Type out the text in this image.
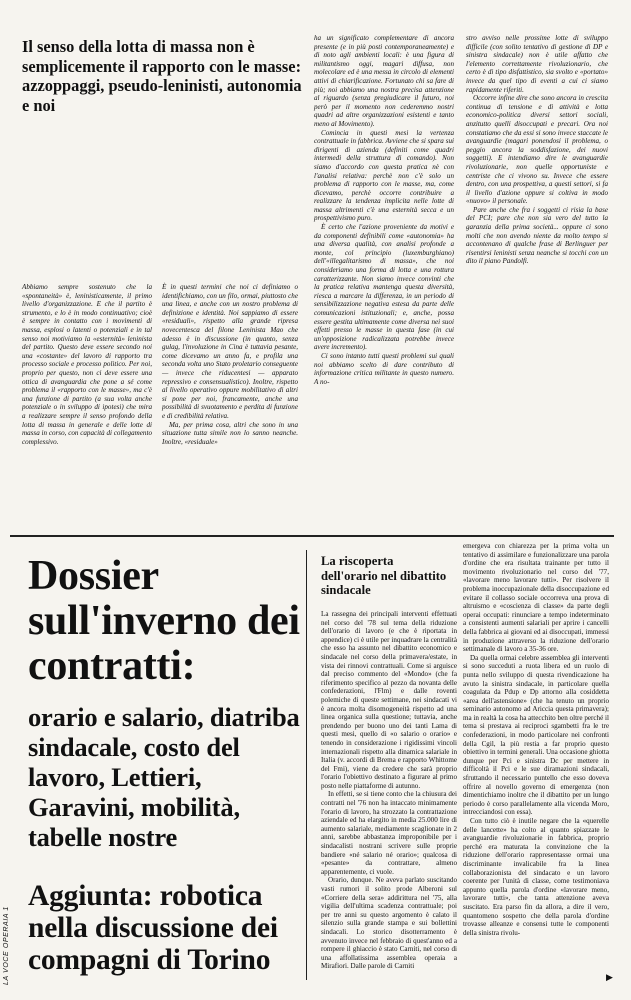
Il senso della lotta di massa non è semplicemente il rapporto con le masse: azzoppaggi, pseudo-leninisti, autonomia e noi
Abbiamo sempre sostenuto che la «spontaneità» è, leninisticamente, il primo livello d'organizzazione. E che il partito è strumento, e lo è in modo continuativo; cioè è sempre in contatto con i movimenti di massa, esplosi o latenti o potenziali e in tal senso noi motiviamo la «esternità» leninista del partito. Questo deve essere secondo noi una «costante» del lavoro di rapporto tra processo sociale e processo politico. Per noi, proprio per questo, non ci deve essere una ottica di avanguardia che pone a sé come problema il «rapporto con le masse», ma c'è una funzione di partito (a sua volta anche potenziale o in sviluppo di ipotesi) che mira a realizzare sempre il senso profondo della lotta di massa in generale e delle lotte di massa in corso, con capacità di collegamento complessivo.

È in questi termini che noi ci definiamo o identifichiamo, con un filo, ormai, piuttosto che una linea, e anche con un nostro problema di definizione e identità. Noi sappiamo di essere «residuali», rispetto alla grande ripresa novecentesca del filone Leninista Mao che adesso è in discussione (in quanto, senza gulag, l'involuzione in Cina è tuttavia pesante, come dicevamo un anno fa, e profila una seconda volta uno Stato proletario conseguente — invece che riducentesi — apparato repressivo e consensualistico). Inoltre, rispetto al livello operativo oppure mobilitativo di altri si pone per noi, francamente, anche una possibilità di svuotamento e perdita di funzione e di credibilità relativa.

Ma, per prima cosa, altri che sono in una situazione tutta simile non lo sanno neanche. Inoltre, «residuale»

ha un significato complementare di ancora presente (e in più posti contemporaneamente) e di noto agli ambienti locali: è una figura di militantismo oggi, magari diffusa, non molecolare ed è una messa in circolo di elementi attivi di chiarificazione. Fortunato chi sa fare di più; noi abbiamo una nostra precisa attenzione al riguardo (senza pregiudicare il futuro, noi però per il momento non cederemmo nostri quadri ad altre organizzazioni esistenti e tanto meno al Movimento).

Comincia in questi mesi la vertenza contrattuale in fabbrica. Avviene che si spara sui dirigenti di azienda (definiti come quadri intermedi della struttura di comando). Non siamo d'accordo con questa pratica nè con l'analisi relativa: perchè non c'è solo un problema di rapporto con le masse, ma, come dicevamo, perchè occorre contribuire a realizzare la tendenza implicita nelle lotte di massa altrimenti c'è una esternità secca e un prospettivismo puro.

È certo che l'azione proveniente da motivi e da componenti definibili come «autonomia» ha una diversa qualità, con analisi profonde a monte, col principio (luxemburghiano) dell'«illegalitarismo di massa», che noi consideriamo una forma di lotta e una rottura caratterizzante. Non siamo invece convinti che la pratica relativa mantenga questa diversità, riesca a marcare la differenza, in un periodo di sensibilizzazione negativa estesa da parte delle comunicazioni istituzionali; e, anche, possa essere gestita ultimamente come diversa nei suoi effetti presso le masse in questa fase (in cui un'opposizione radicalizzata potrebbe invece avere incremento).

Ci sono intanto tutti questi problemi sui quali noi abbiamo scelto di dare contributo di informazione critica militante in questo numero. A no-

stro avviso nelle prossime lotte di sviluppo difficile (con solito tentativo di gestione di DP e sinistra sindacale) non è utile affatto che l'elemento correttamente rivoluzionario, che certo è di tipo disfattistico, sia svolto e «portato» invece da quel tipo di eventi a cui ci siamo rapidamente riferiti.

Occorre infine dire che sono ancora in crescita continua di tensione e di attività e lotta economico-politica diversi settori sociali, anzitutto quelli disoccupati e precari. Ora noi constatiamo che da essi si sono invece staccate le avanguardie (magari ponendosi il problema, o peggio ancora la soddisfazione, dei nuovi soggetti). E intendiamo dire le avanguardie rivoluzionarie, non quelle opportuniste e centriste che ci vivono su. Invece che essere dentro, con una prospettiva, a questi settori, si fa il livello d'azione oppure si coltiva in modo «nuovo» il personale.

Pare anche che fra i soggetti ci risia la base del PCI; pare che non sia vero del tutto la garanzia della prima società... oppure ci sono molti che non avendo niente da molto tempo si accontenano di qualche frase di Berlinguer per risentirsi leninisti senza neanche si tocchi con un dito il piano Pandolfi.

Dossier sull'inverno dei contratti:
orario e salario, diatriba sindacale, costo del lavoro, Lettieri, Garavini, mobilità, tabelle nostre
Aggiunta: robotica nella discussione dei compagni di Torino
LA VOCE OPERAIA 1
La riscoperta dell'orario nel dibattito sindacale

La rassegna dei principali interventi effettuati nel corso del '78 sul tema della riduzione dell'orario di lavoro (e che è riportata in appendice) ci è utile per inquadrare la centralità che esso ha assunto nel dibattito economico e sindacale nel corso della primavera/estate, in vista dei rinnovi contrattuali. Come si arguisce dal preciso commento del «Mondo» (che fa riferimento specifico al pezzo da novanta delle confederazioni, l'Flm) e dalle roventi polemiche di queste settimane, nei sindacati vi è ancora molta disomogeneità rispetto ad una linea organica sulla questione; tuttavia, anche prendendo per buono uno dei tanti Lama di questi mesi, quello di «o salario o orario» e tenendo in considerazione i rigidissimi vincoli internazionali rispetto alla dinamica salariale in Italia (v. accordi di Brema e rapporto Whittome del Fmi), viene da credere che sarà proprio l'orario l'obiettivo destinato a figurare al primo posto nelle piattaforme di autunno.

In effetti, se si tiene conto che la chiusura dei contratti nel '76 non ha intaccato minimamente l'orario di lavoro, ha strozzato la contrattazione aziendale ed ha elargito in media 25.000 lire di aumento salariale, mediamente scaglionate in 2 anni, sarebbe abbastanza improponibile per i sindacalisti nostrani scrivere sulle proprie bandiere «né salario né orario»; qualcosa di «pesante» da contrattare, almeno apparentemente, ci vuole.

Orario, dunque. Ne aveva parlato suscitando vasti rumori il solito prode Alberoni sul «Corriere della sera» addirittura nel '75, alla vigilia dell'ultima scadenza contrattuale; poi per tre anni su questo argomento è calato il silenzio sulla grande stampa e sui bollettini sindacali. Lo storico disotterramento è avvenuto invece nel febbraio di quest'anno ed a rompere il ghiaccio è stato Carniti, nel corso di una affollatissima assemblea operaia a Mirafiori. Dalle parole di Carniti

emergeva con chiarezza per la prima volta un tentativo di assimilare e funzionalizzare una parola d'ordine che era risultata trainante per tutto il movimento rivoluzionario nel corso del '77, «lavorare meno lavorare tutti». Per risolvere il problema inoccupazionale della disoccupazione ed evitare il collasso sociale occorreva una prova di altruismo e «coscienza di classe» da parte degli operai occupati: rinunciare a tempo indeterminato a consistenti aumenti salariali per aprire i cancelli della fabbrica ai giovani ed ai disoccupati, immessi in produzione attraverso la riduzione dell'orario settimanale di lavoro a 35-36 ore.

Da quella ormai celebre assemblea gli interventi si sono succeduti a ruota libera ed un ruolo di punta nello sviluppo di questa rivendicazione ha avuto la sinistra sindacale, in particolare quella coagulata da Pdup e Dp attorno alla cosiddetta «area dell'astensione» (che ha tenuto un proprio seminario autonomo ad Ariccia questa primavera); ma in realtà la cosa ha attecchito ben oltre perché il tema si prestava ai reciproci sgambetti fra le tre confederazioni, in modo particolare nei confronti della Cgil, la più restia a far proprio questo obiettivo in termini generali. Una occasione ghiotta dunque per Pci e sinistra Dc per mettere in difficoltà il Pci e le sue diramazioni sindacali, sfruttando il necessario puntello che esso doveva offrire al novello governo di emergenza (non dimentichiamo inoltre che il dibattito per un lungo periodo è corso parallelamente alla vicenda Moro, intrecciandosi con essa).

Con tutto ciò è inutile negare che la «querelle delle lancette» ha colto al quanto spiazzate le avanguardie rivoluzionarie in fabbrica, proprio perché era maturata la convinzione che la riduzione dell'orario rappresentasse ormai una discriminante invalicabile fra la linea collaborazionista del sindacato e un lavoro coerente per l'unità di classe, come testimoniava appunto quella parola d'ordine «lavorare meno, lavorare tutti», che tanta attenzione aveva suscitato. Era parso fin da allora, a dire il vero, quantomeno sospetto che della parola d'ordine trovasse alleanze e consensi tutte le componenti della sinistra rivolu-

▶
